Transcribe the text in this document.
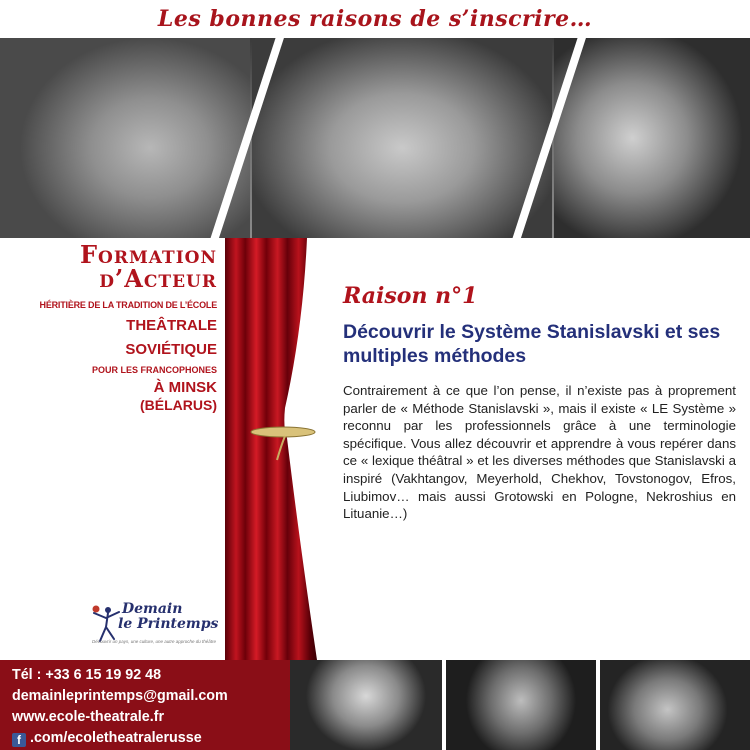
Les bonnes raisons de s’inscrire…
Formation
d’Acteur
HÉRITIÈRE DE LA TRADITION DE L’ÉCOLE
THEÂTRALE
SOVIÉTIQUE
POUR LES FRANCOPHONES
À MINSK
(BÉLARUS)
Demain
le Printemps
Découvrir un pays, une culture, une autre approche du théâtre
Raison n°1
Découvrir le Système Stanislavski et ses multiples méthodes
Contrairement à ce que l’on pense, il n’existe pas à proprement parler de « Méthode Stanislavski », mais il existe « LE Système » reconnu par les professionnels grâce à une terminologie spécifique. Vous allez découvrir et apprendre à vous repérer dans ce « lexique théâtral » et les diverses méthodes que Stanislavski a inspiré (Vakhtangov, Meyerhold, Chekhov, Tovstonogov, Efros, Liubimov… mais aussi Grotowski en Pologne, Nekroshius en Lituanie…)
Tél : +33 6 15 19 92 48
demainleprintemps@gmail.com
www.ecole-theatrale.fr
f .com/ecoletheatralerusse
